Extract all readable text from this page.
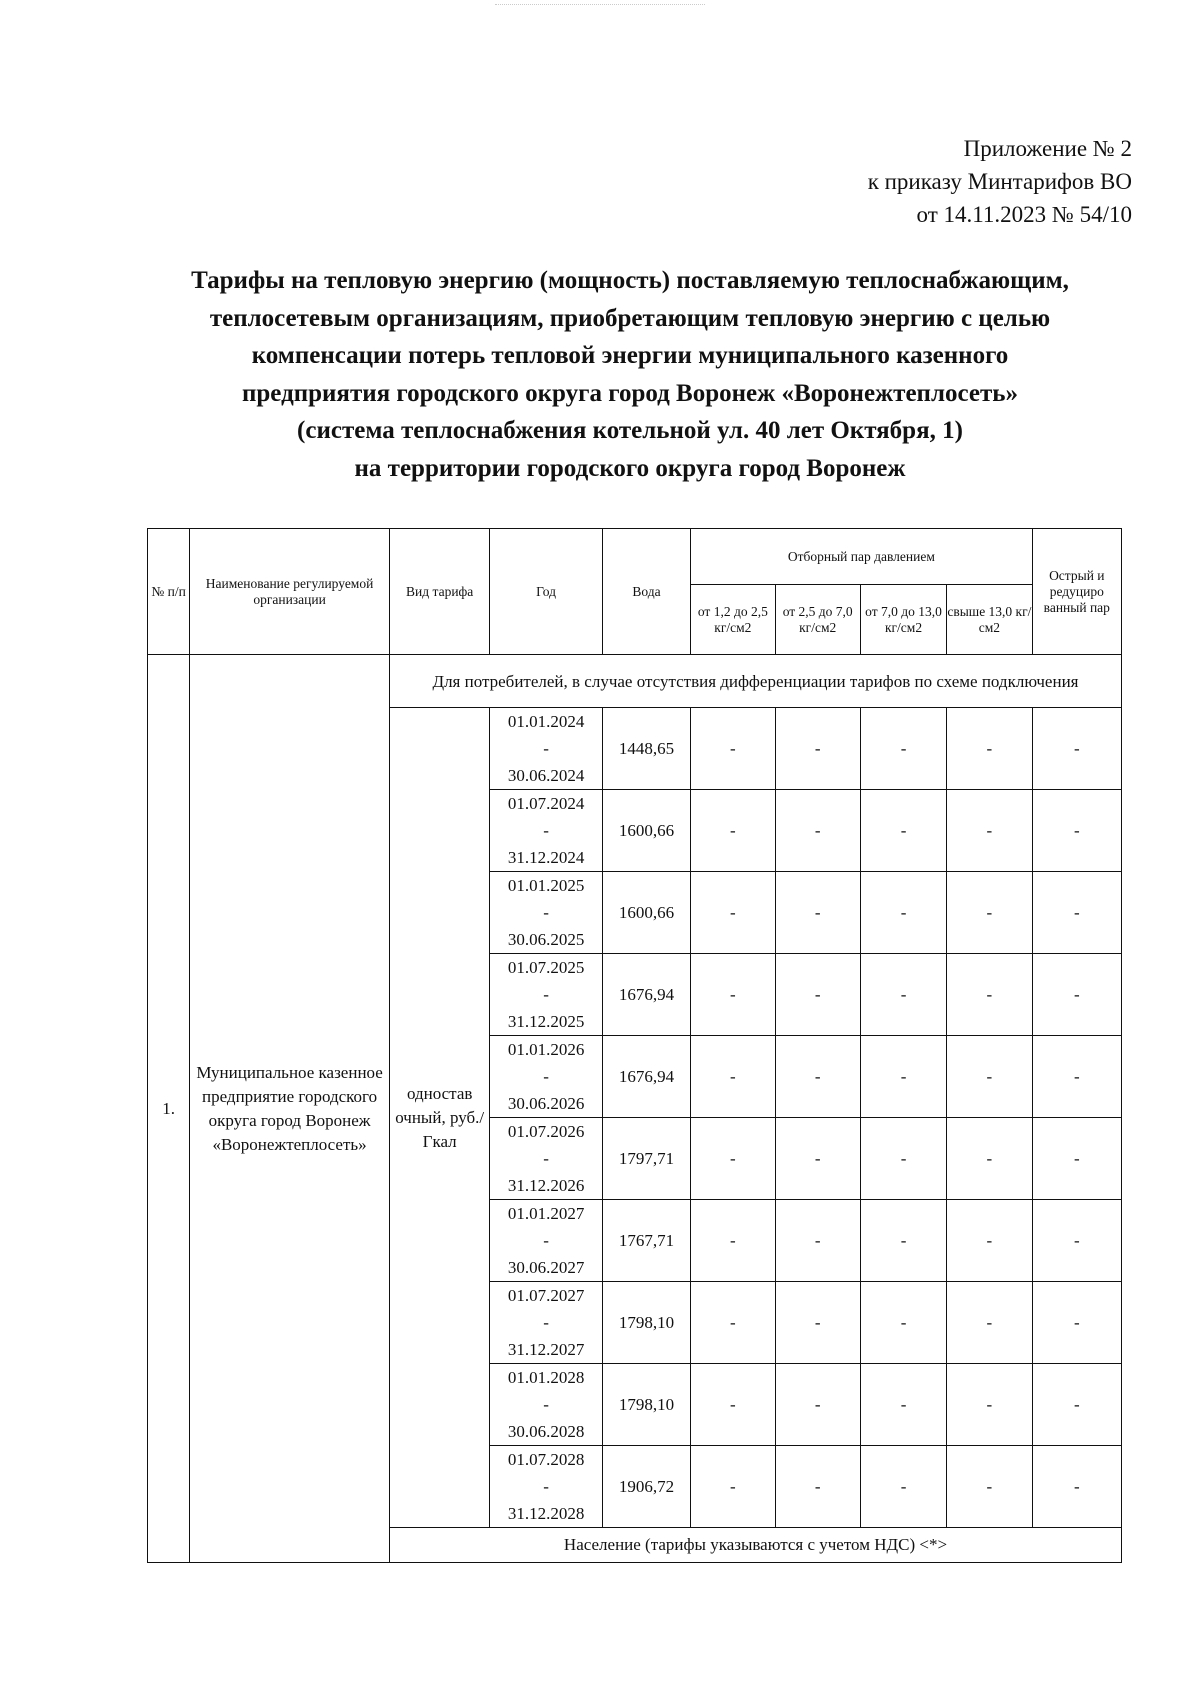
Приложение № 2
к приказу Минтарифов ВО
от 14.11.2023 № 54/10
Тарифы на тепловую энергию (мощность) поставляемую теплоснабжающим,
теплосетевым организациям, приобретающим тепловую энергию с целью
компенсации потерь тепловой энергии муниципального казенного
предприятия городского округа город Воронеж «Воронежтеплосеть»
(система теплоснабжения котельной ул. 40 лет Октября, 1)
на территории городского округа город Воронеж
№ п/п	Наименование регулируемой организации	Вид тарифа	Год	Вода	Отборный пар давлением				Острый и редуциро ванный пар
					от 1,2 до 2,5 кг/см2	от 2,5 до 7,0 кг/см2	от 7,0 до 13,0 кг/см2	свыше 13,0 кг/см2	
1.	Муниципальное казенное предприятие городского округа город Воронеж «Воронежтеплосеть»	Для потребителей, в случае отсутствия дифференциации тарифов по схеме подключения							
		одностав очный, руб./Гкал	01.01.2024
-
30.06.2024	1448,65	-	-	-	-	-

			01.07.2024
-
31.12.2024	1600,66	-	-	-	-	-

			01.01.2025
-
30.06.2025	1600,66	-	-	-	-	-

			01.07.2025
-
31.12.2025	1676,94	-	-	-	-	-

			01.01.2026
-
30.06.2026	1676,94	-	-	-	-	-

			01.07.2026
-
31.12.2026	1797,71	-	-	-	-	-

			01.01.2027
-
30.06.2027	1767,71	-	-	-	-	-

			01.07.2027
-
31.12.2027	1798,10	-	-	-	-	-

			01.01.2028
-
30.06.2028	1798,10	-	-	-	-	-

			01.07.2028
-
31.12.2028	1906,72	-	-	-	-	-
		Население (тарифы указываются с учетом НДС) <*>							
